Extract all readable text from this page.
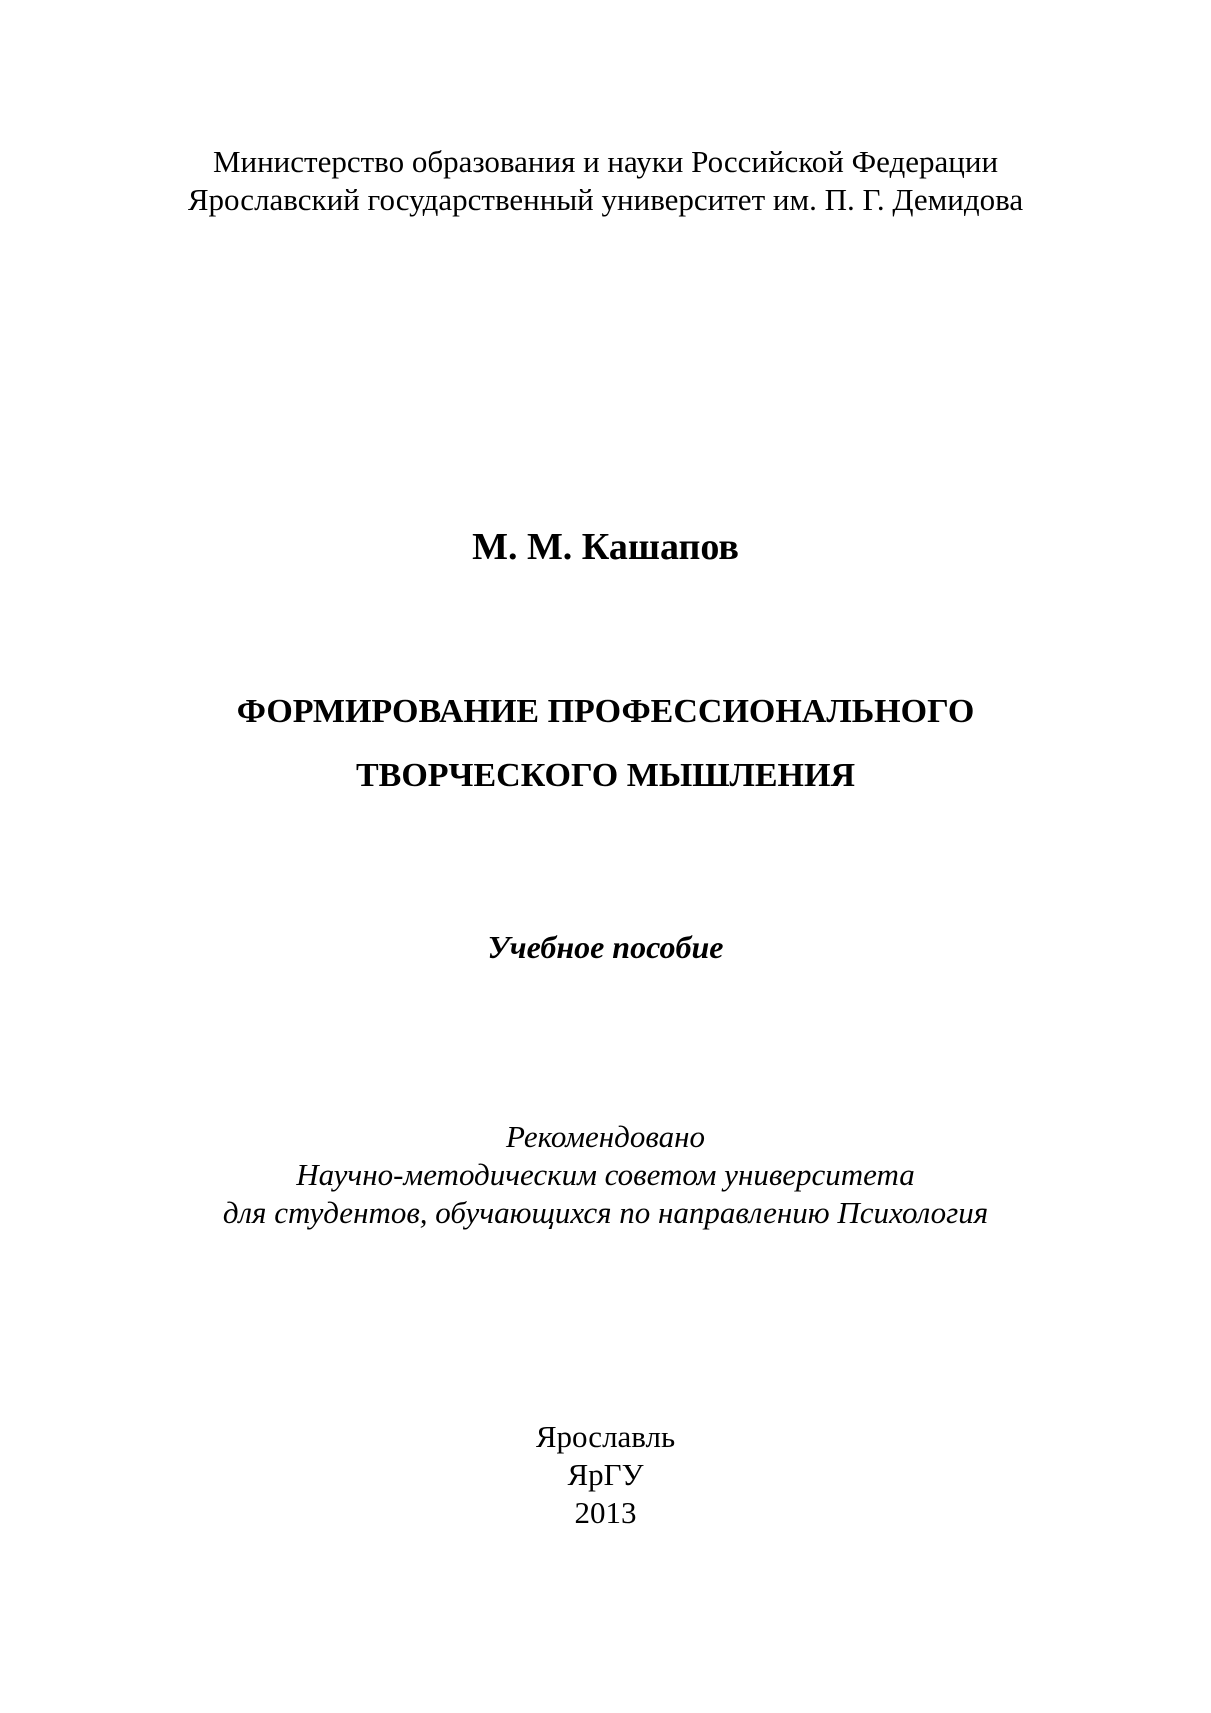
Министерство образования и науки Российской Федерации
Ярославский государственный университет им. П. Г. Демидова
М. М. Кашапов
ФОРМИРОВАНИЕ ПРОФЕССИОНАЛЬНОГО
ТВОРЧЕСКОГО МЫШЛЕНИЯ
Учебное пособие
Рекомендовано
Научно-методическим советом университета
для студентов, обучающихся по направлению Психология
Ярославль
ЯрГУ
2013
